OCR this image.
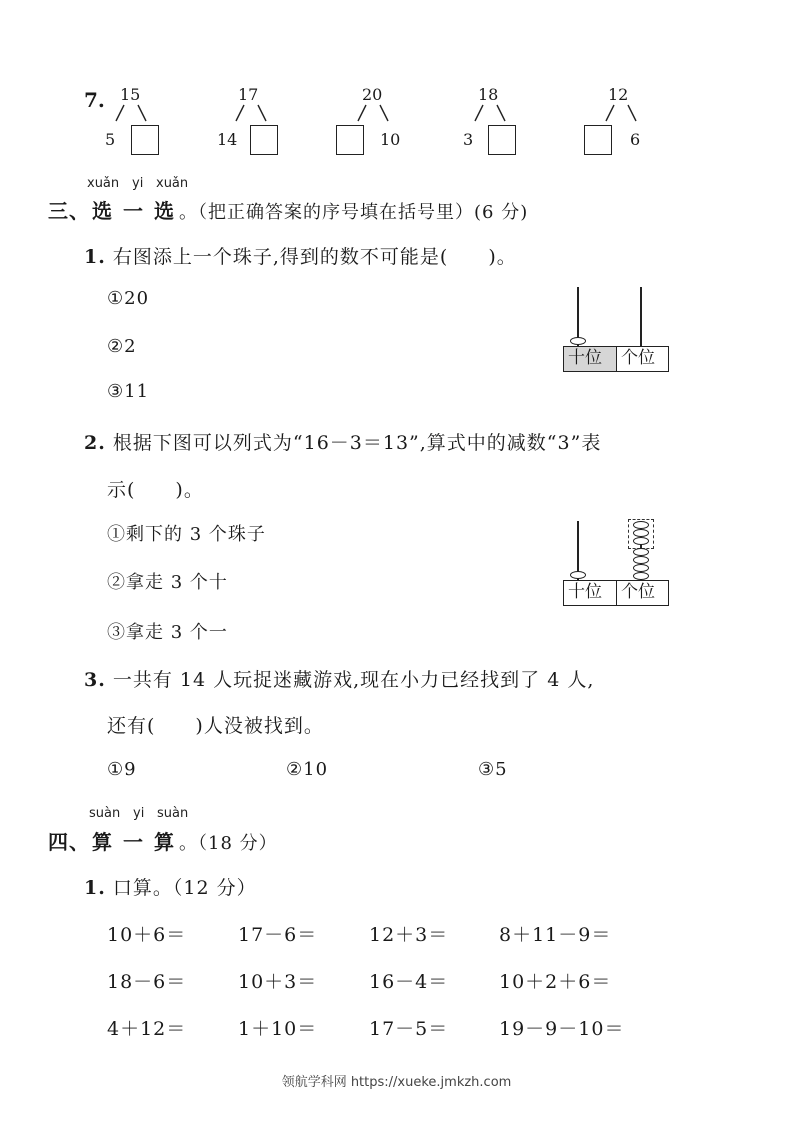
7. 15
5
17
14
20
10
18
3
12
6
xuǎn yi xuǎn
三、 选 一 选 。（把正确答案的序号填在括号里）(6 分)
1. 右图添上一个珠子,得到的数不可能是(　　)。
①20
②2
③11
十位	个位
2. 根据下图可以列式为“16－3＝13”,算式中的减数“3”表
示(　　)。
①剩下的 3 个珠子
②拿走 3 个十
③拿走 3 个一
十位	个位
3. 一共有 14 人玩捉迷藏游戏,现在小力已经找到了 4 人,
还有(　　)人没被找到。
①9	②10	③5
suàn yi suàn
四、 算 一 算 。（18 分）
1. 口算。（12 分）
10＋6＝	17－6＝	12＋3＝	8＋11－9＝
18－6＝	10＋3＝	16－4＝	10＋2＋6＝
4＋12＝	1＋10＝	17－5＝	19－9－10＝
领航学科网 https://xueke.jmkzh.com
